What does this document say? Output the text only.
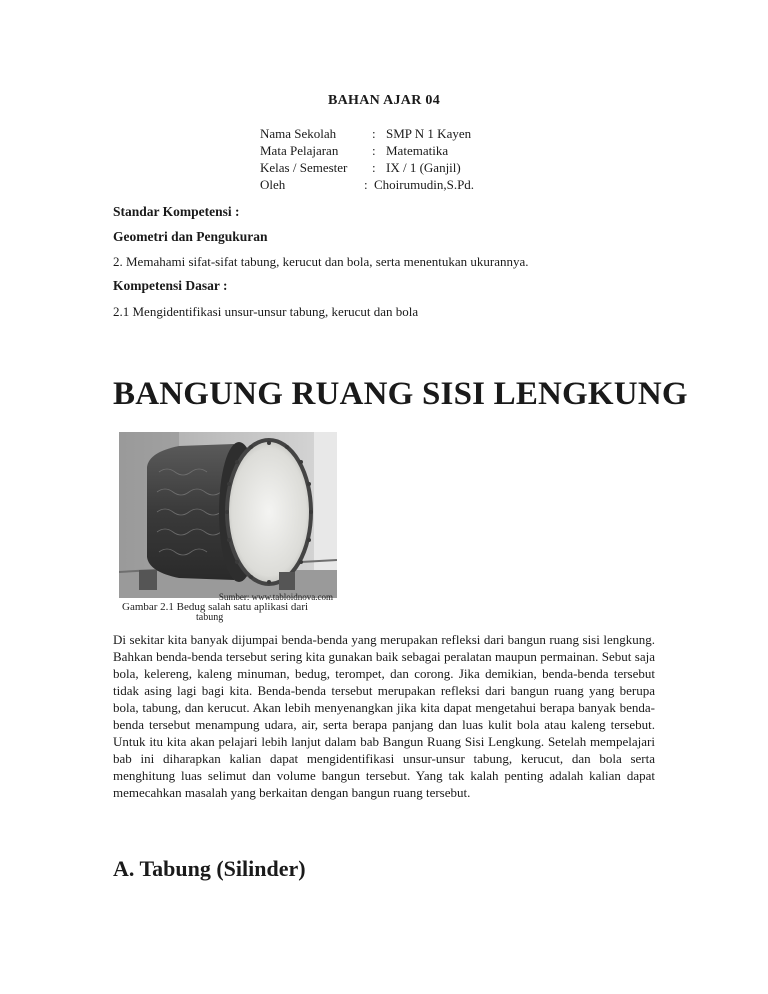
BAHAN AJAR 04
Nama Sekolah	: SMP N 1 Kayen
Mata Pelajaran	: Matematika
Kelas / Semester	: IX / 1 (Ganjil)
Oleh	: Choirumudin,S.Pd.
Standar Kompetensi :
Geometri dan Pengukuran
2. Memahami sifat-sifat tabung, kerucut dan bola, serta menentukan ukurannya.
Kompetensi Dasar :
2.1 Mengidentifikasi unsur-unsur tabung, kerucut dan bola
BANGUNG RUANG SISI LENGKUNG
Sumber: www.tabloidnova.com
Gambar 2.1 Bedug salah satu aplikasi dari
tabung
Di sekitar kita banyak dijumpai benda-benda yang merupakan refleksi dari bangun ruang sisi lengkung. Bahkan benda-benda tersebut sering kita gunakan baik sebagai peralatan maupun permainan. Sebut saja bola, kelereng, kaleng minuman, bedug, terompet, dan corong. Jika demikian, benda-benda tersebut tidak asing lagi bagi kita. Benda-benda tersebut merupakan refleksi dari bangun ruang yang berupa bola, tabung, dan kerucut. Akan lebih menyenangkan jika kita dapat mengetahui berapa banyak benda-benda tersebut menampung udara, air, serta berapa panjang dan luas kulit bola atau kaleng tersebut. Untuk itu kita akan pelajari lebih lanjut dalam bab Bangun Ruang Sisi Lengkung. Setelah mempelajari bab ini diharapkan kalian dapat mengidentifikasi unsur-unsur tabung, kerucut, dan bola serta menghitung luas selimut dan volume bangun tersebut. Yang tak kalah penting adalah kalian dapat memecahkan masalah yang berkaitan dengan bangun ruang tersebut.
A. Tabung (Silinder)
